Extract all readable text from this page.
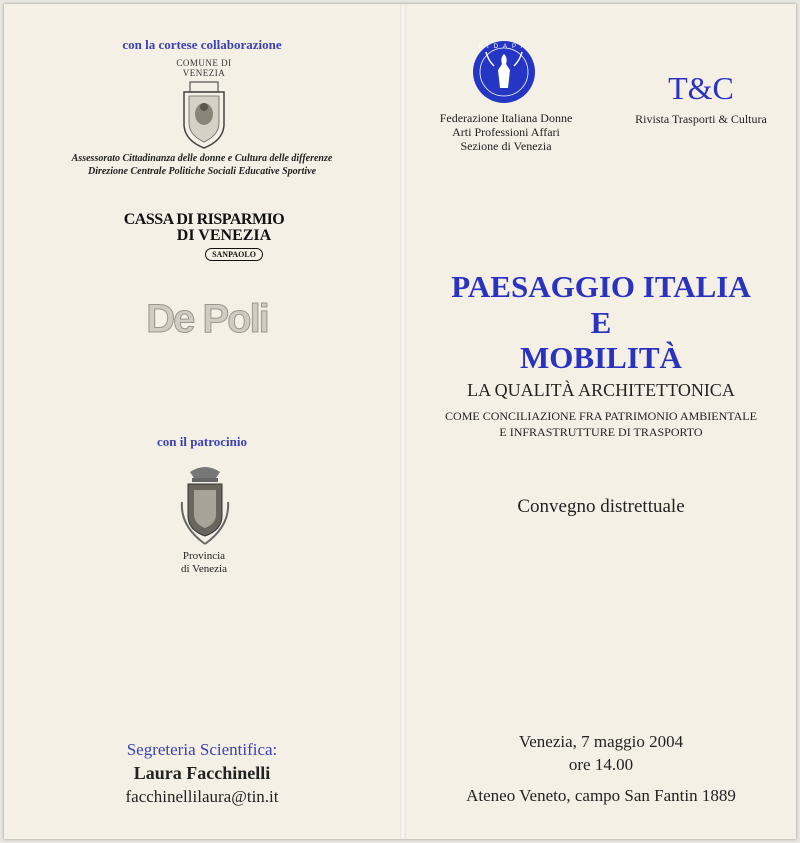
con la cortese collaborazione
COMUNE DI
VENEZIA
Assessorato Cittadinanza delle donne e Cultura delle differenze
Direzione Centrale Politiche Sociali Educative Sportive
CASSA DI RISPARMIO
DI VENEZIA
SANPAOLO
De Poli
con il patrocinio
Provincia
di Venezia
Segreteria Scientifica:
Laura Facchinelli
facchinellilaura@tin.it
FIDAPA
Federazione Italiana Donne
Arti Professioni Affari
Sezione di Venezia
T&C
Rivista Trasporti & Cultura
PAESAGGIO ITALIA
E
MOBILITÀ
LA QUALITÀ ARCHITETTONICA
COME CONCILIAZIONE FRA PATRIMONIO AMBIENTALE
E INFRASTRUTTURE DI TRASPORTO
Convegno distrettuale
Venezia, 7 maggio 2004
ore 14.00
Ateneo Veneto, campo San Fantin 1889
